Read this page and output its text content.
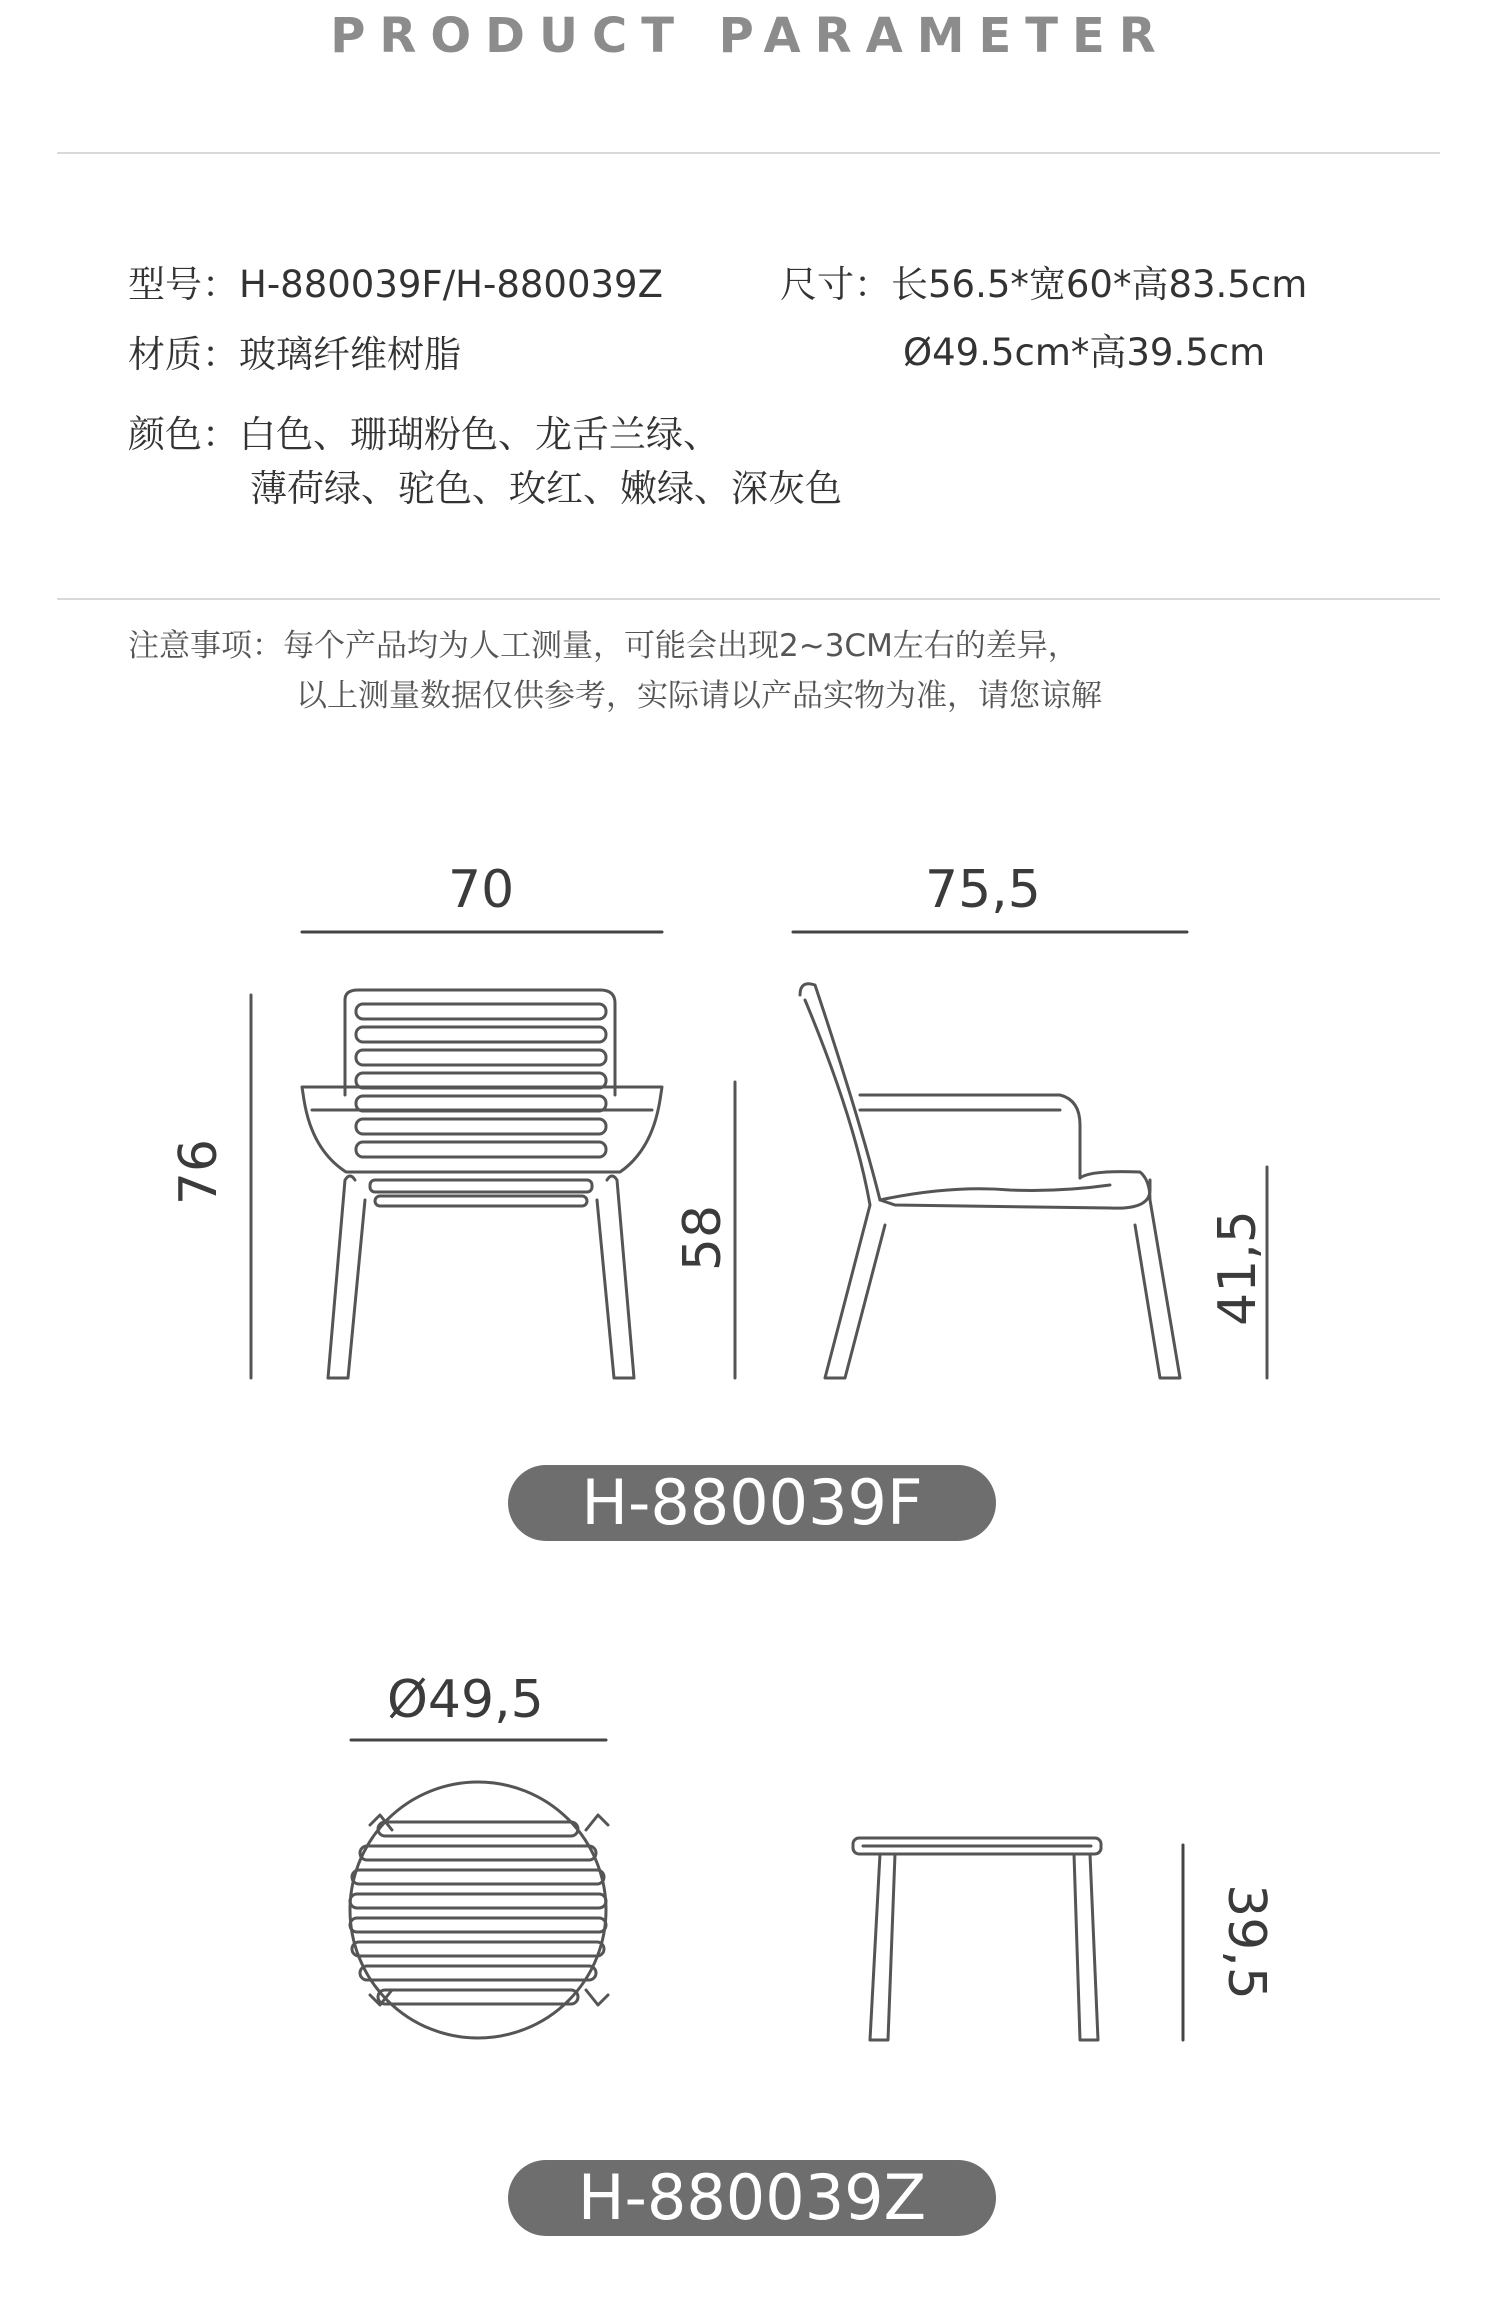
PRODUCT PARAMETER
型号：H-880039F/H-880039Z
材质：玻璃纤维树脂
颜色：白色、珊瑚粉色、龙舌兰绿、
薄荷绿、驼色、玫红、嫩绿、深灰色
尺寸：长56.5*宽60*高83.5cm
Ø49.5cm*高39.5cm
注意事项：每个产品均为人工测量，可能会出现2~3CM左右的差异，
以上测量数据仅供参考，实际请以产品实物为准，请您谅解
70	75,5
76
58	41,5
H-880039F
Ø49,5
39,5
H-880039Z
